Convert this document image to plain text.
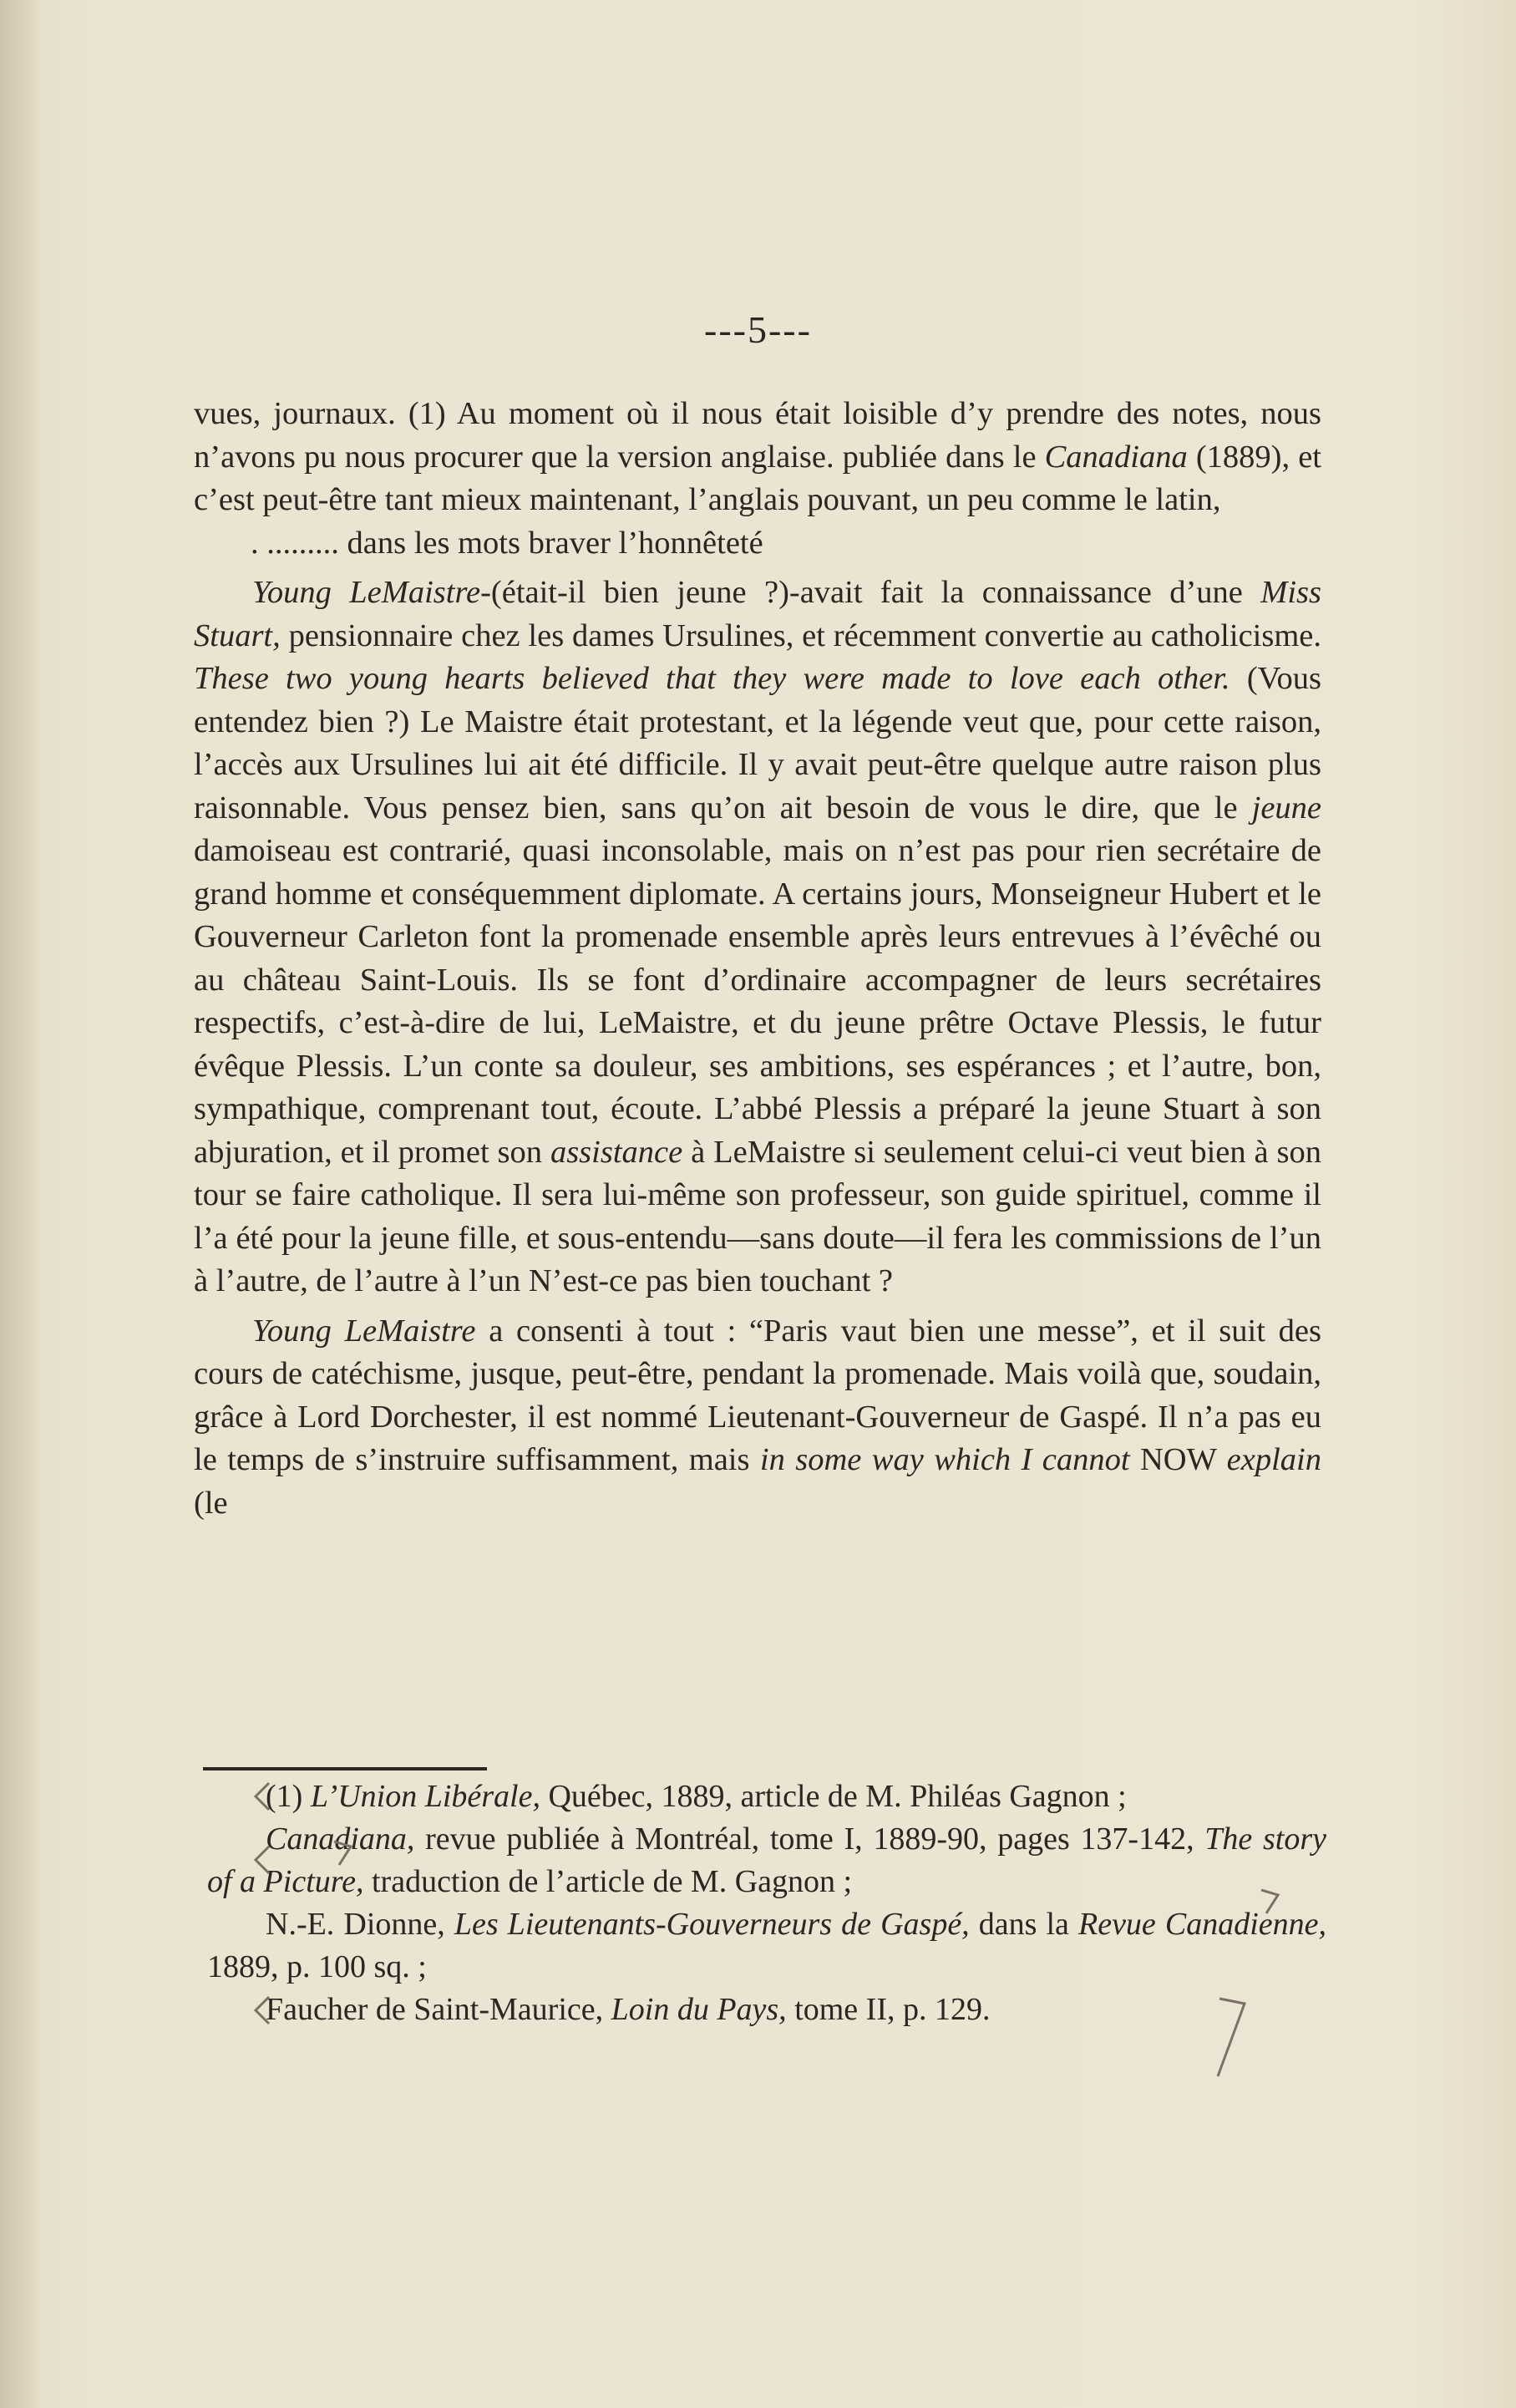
---5---

vues, journaux. (1) Au moment où il nous était loisible d’y prendre des notes, nous n’avons pu nous procurer que la version anglaise. publiée dans le Canadiana (1889), et c’est peut-être tant mieux maintenant, l’anglais pouvant, un peu comme le latin,

. ......... dans les mots braver l’honnêteté

Young LeMaistre-(était-il bien jeune ?)-avait fait la connaissance d’une Miss Stuart, pensionnaire chez les dames Ursulines, et récemment convertie au catholicisme. These two young hearts believed that they were made to love each other. (Vous entendez bien ?) Le Maistre était protestant, et la légende veut que, pour cette raison, l’accès aux Ursulines lui ait été difficile. Il y avait peut-être quelque autre raison plus raisonnable. Vous pensez bien, sans qu’on ait besoin de vous le dire, que le jeune damoiseau est contrarié, quasi inconsolable, mais on n’est pas pour rien secrétaire de grand homme et conséquemment diplomate. A certains jours, Monseigneur Hubert et le Gouverneur Carleton font la promenade ensemble après leurs entrevues à l’évêché ou au château Saint-Louis. Ils se font d’ordinaire accompagner de leurs secrétaires respectifs, c’est-à-dire de lui, LeMaistre, et du jeune prêtre Octave Plessis, le futur évêque Plessis. L’un conte sa douleur, ses ambitions, ses espérances ; et l’autre, bon, sympathique, comprenant tout, écoute. L’abbé Plessis a préparé la jeune Stuart à son abjuration, et il promet son assistance à LeMaistre si seulement celui-ci veut bien à son tour se faire catholique. Il sera lui-même son professeur, son guide spirituel, comme il l’a été pour la jeune fille, et sous-entendu—sans doute—il fera les commissions de l’un à l’autre, de l’autre à l’un N’est-ce pas bien touchant ?

Young LeMaistre a consenti à tout : “Paris vaut bien une messe”, et il suit des cours de catéchisme, jusque, peut-être, pendant la promenade. Mais voilà que, soudain, grâce à Lord Dorchester, il est nommé Lieutenant-Gouverneur de Gaspé. Il n’a pas eu le temps de s’instruire suffisamment, mais in some way which I cannot NOW explain (le

(1) L’Union Libérale, Québec, 1889, article de M. Philéas Gagnon ;

Canadiana, revue publiée à Montréal, tome I, 1889-90, pages 137-142, The story of a Picture, traduction de l’article de M. Gagnon ;

N.-E. Dionne, Les Lieutenants-Gouverneurs de Gaspé, dans la Revue Canadienne, 1889, p. 100 sq. ;

Faucher de Saint-Maurice, Loin du Pays, tome II, p. 129.
